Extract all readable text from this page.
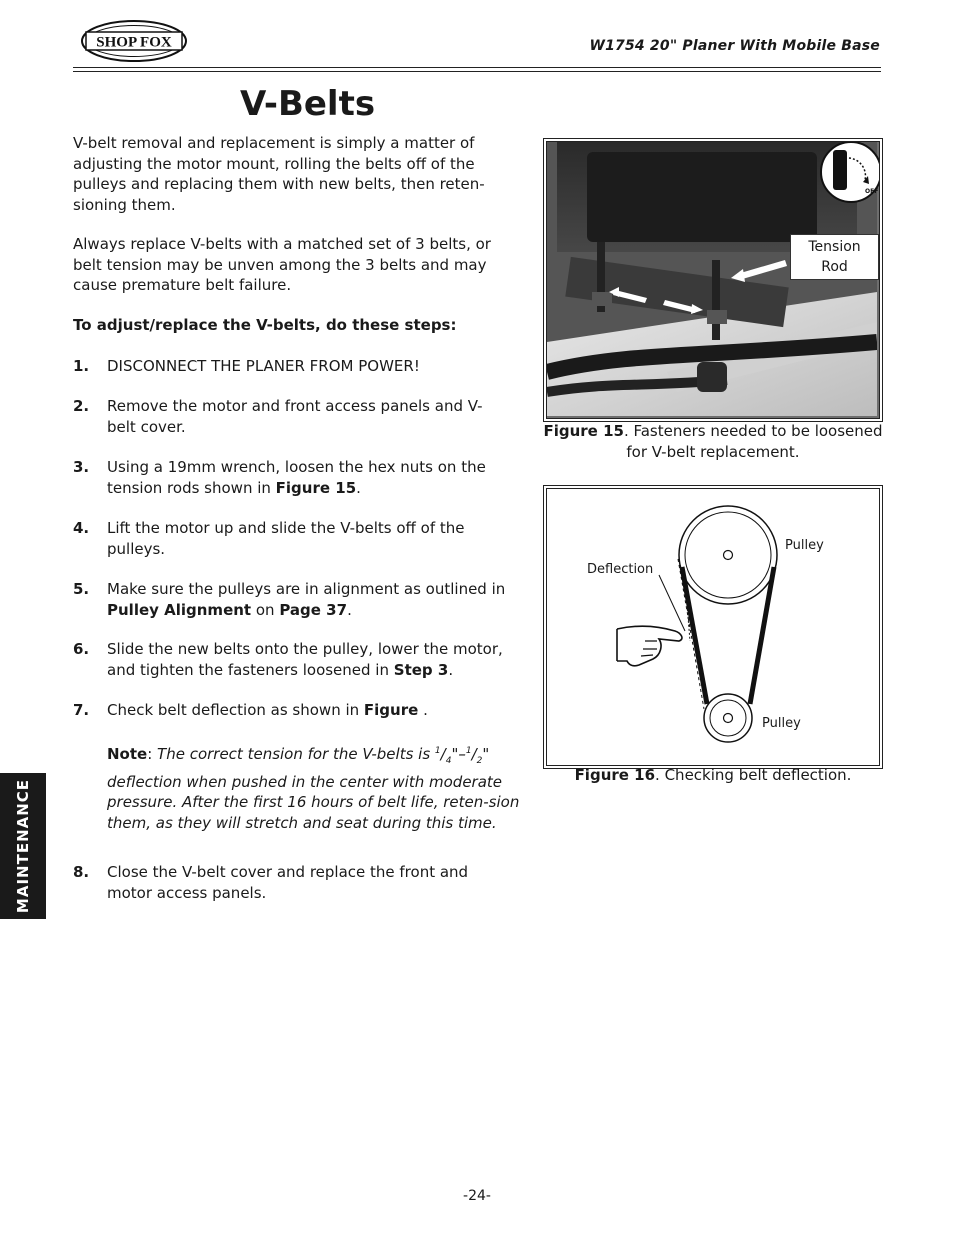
SHOP FOX
· · · · ·
W1754 20" Planer With Mobile Base
V-Belts
V-belt removal and replacement is simply a matter of adjusting the motor mount, rolling the belts off of the pulleys and replacing them with new belts, then reten-sioning them.
Always replace V-belts with a matched set of 3 belts, or belt tension may be unven among the 3 belts and may cause premature belt failure.
To adjust/replace the V-belts, do these steps:
1. DISCONNECT THE PLANER FROM POWER!
2. Remove the motor and front access panels and V-belt cover.
3. Using a 19mm wrench, loosen the hex nuts on the tension rods shown in Figure 15.
4. Lift the motor up and slide the V-belts off of the pulleys.
5. Make sure the pulleys are in alignment as outlined in Pulley Alignment on Page 37.
6. Slide the new belts onto the pulley, lower the motor, and tighten the fasteners loosened in Step 3.
7. Check belt deflection as shown in Figure .
Note: The correct tension for the V-belts is $^1/_4"-^1/_2$" deflection when pushed in the center with moderate pressure. After the first 16 hours of belt life, reten-sion them, as they will stretch and seat during this time.
8. Close the V-belt cover and replace the front and motor access panels.
Tension Rod
OFF
Figure 15. Fasteners needed to be loosened for V-belt replacement.
Deflection
Pulley
Pulley
Figure 16. Checking belt deflection.
MAINTENANCE
-24-
